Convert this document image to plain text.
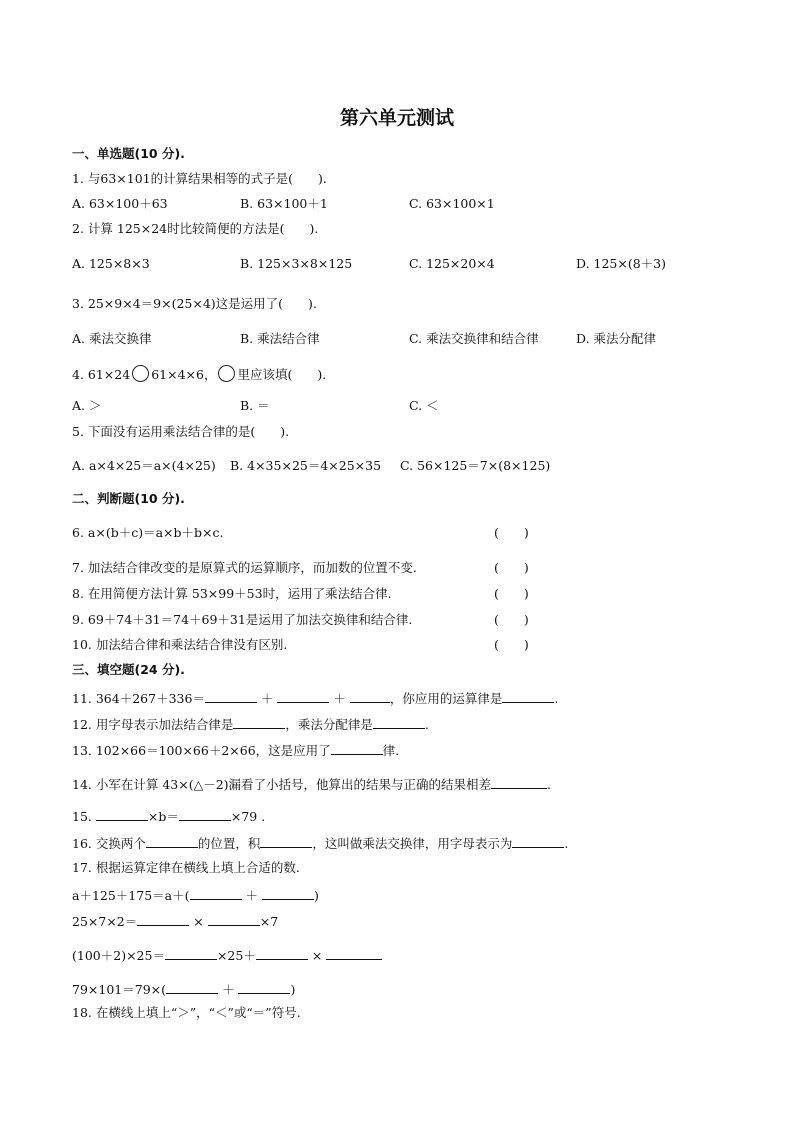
第六单元测试
一、单选题(10 分).
1. 与63×101的计算结果相等的式子是(　　).
A. 63×100＋63	B. 63×100＋1	C. 63×100×1
2. 计算 125×24时比较简便的方法是(　　).
A. 125×8×3	B. 125×3×8×125	C. 125×20×4	D. 125×(8＋3)
3. 25×9×4＝9×(25×4)这是运用了(　　).
A. 乘法交换律	B. 乘法结合律	C. 乘法交换律和结合律	D. 乘法分配律
4. 61×24 61×4×6， 里应该填(　　).
A. ＞	B. ＝	C. ＜
5. 下面没有运用乘法结合律的是(　　).
A. a×4×25＝a×(4×25) B. 4×35×25＝4×25×35 C. 56×125＝7×(8×125)
二、判断题(10 分).
6. a×(b＋c)＝a×b＋b×c.	(　　)
7. 加法结合律改变的是原算式的运算顺序，而加数的位置不变.	(　　)
8. 在用简便方法计算 53×99＋53时，运用了乘法结合律.	(　　)
9. 69＋74＋31＝74＋69＋31是运用了加法交换律和结合律.	(　　)
10. 加法结合律和乘法结合律没有区别.	(　　)
三、填空题(24 分).
11. 364＋267＋336＝	＋	＋	，你应用的运算律是	.
12. 用字母表示加法结合律是	，乘法分配律是	.
13. 102×66＝100×66＋2×66，这是应用了	律.
14. 小军在计算 43×(△－2)漏看了小括号，他算出的结果与正确的结果相差	.
15.	×b＝	×79 .
16. 交换两个	的位置，积	，这叫做乘法交换律，用字母表示为	.
17. 根据运算定律在横线上填上合适的数.
a＋125＋175＝a＋(	＋	)
25×7×2＝	×	×7
(100＋2)×25＝	×25＋	×
79×101＝79×(	＋	)
18. 在横线上填上“＞”，“＜”或“＝”符号.
